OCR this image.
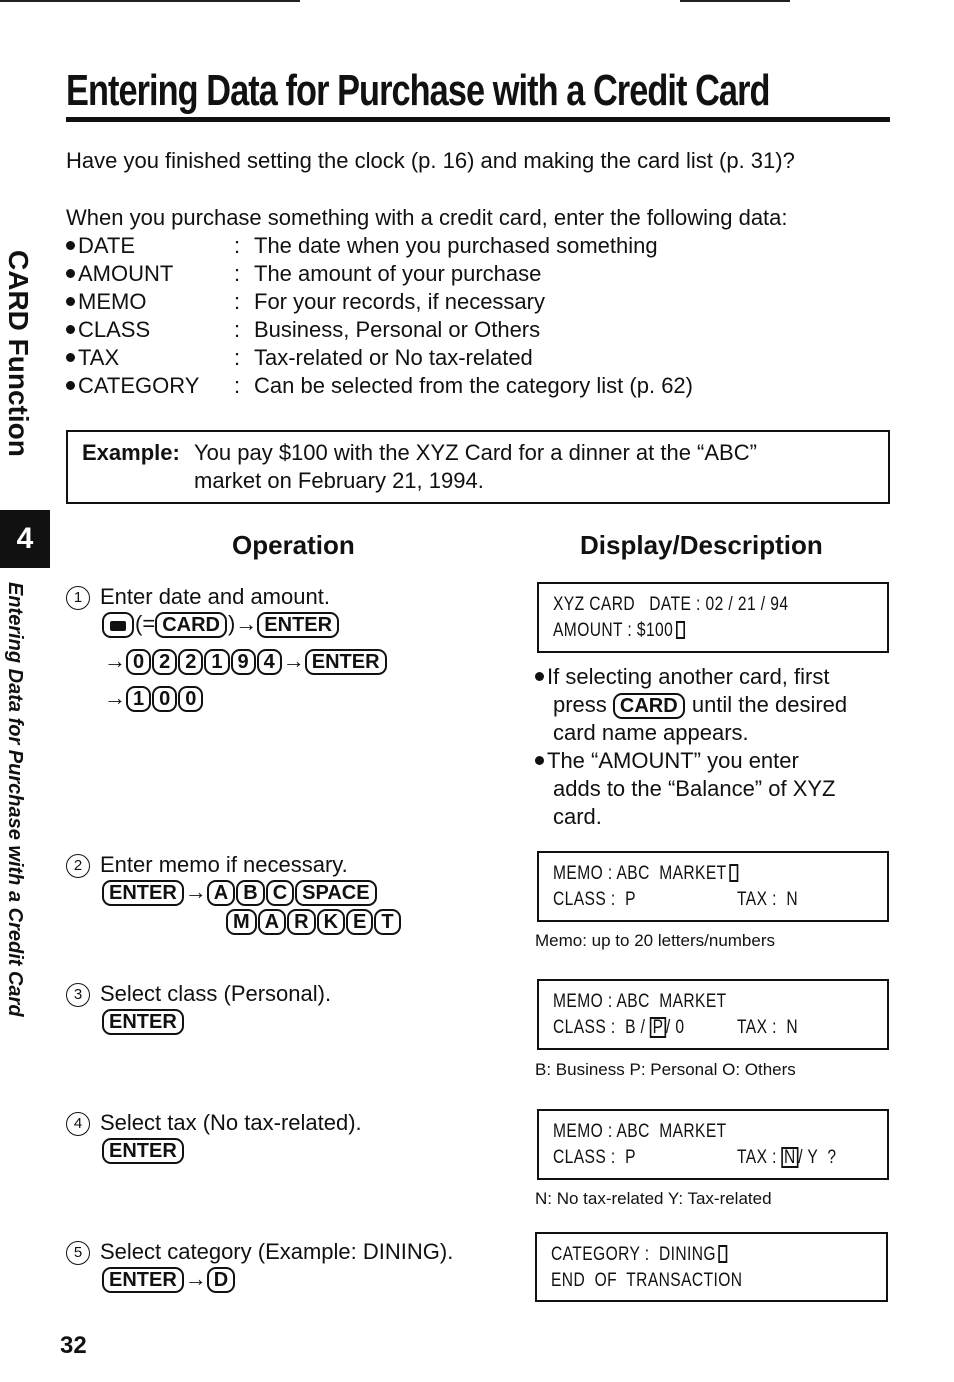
CARD Function
4
Entering Data for Purchase with a Credit Card
Entering Data for Purchase with a Credit Card
Have you finished setting the clock (p. 16) and making the card list (p. 31)?
When you purchase something with a credit card, enter the following data:
DATE	: The date when you purchased something
AMOUNT	: The amount of your purchase
MEMO	: For your records, if necessary
CLASS	: Business, Personal or Others
TAX	: Tax-related or No tax-related
CATEGORY : Can be selected from the category list (p. 62)
Example: You pay $100 with the XYZ Card for a dinner at the “ABC”
market on February 21, 1994.
Operation	Display/Description
1 Enter date and amount.
(= CARD )→ ENTER
→ 0 2 2 1 9 4 → ENTER
→ 1 0 0
XYZ CARD   DATE : 02 / 21 / 94
AMOUNT : $100
If selecting another card, first
press CARD until the desired
card name appears.
The “AMOUNT” you enter
adds to the “Balance” of XYZ
card.
2 Enter memo if necessary.
ENTER → A B C SPACE
M A R K E T
MEMO : ABC  MARKET
CLASS :  P	TAX :  N
Memo: up to 20 letters/numbers
3 Select class (Personal).
ENTER
MEMO : ABC  MARKET
CLASS :  B / P / 0	TAX :  N
B: Business P: Personal O: Others
4 Select tax (No tax-related).
ENTER
MEMO : ABC  MARKET
CLASS :  P	TAX : N / Y  ?
N: No tax-related Y: Tax-related
5 Select category (Example: DINING).
ENTER → D
CATEGORY :  DINING
END  OF  TRANSACTION
32
